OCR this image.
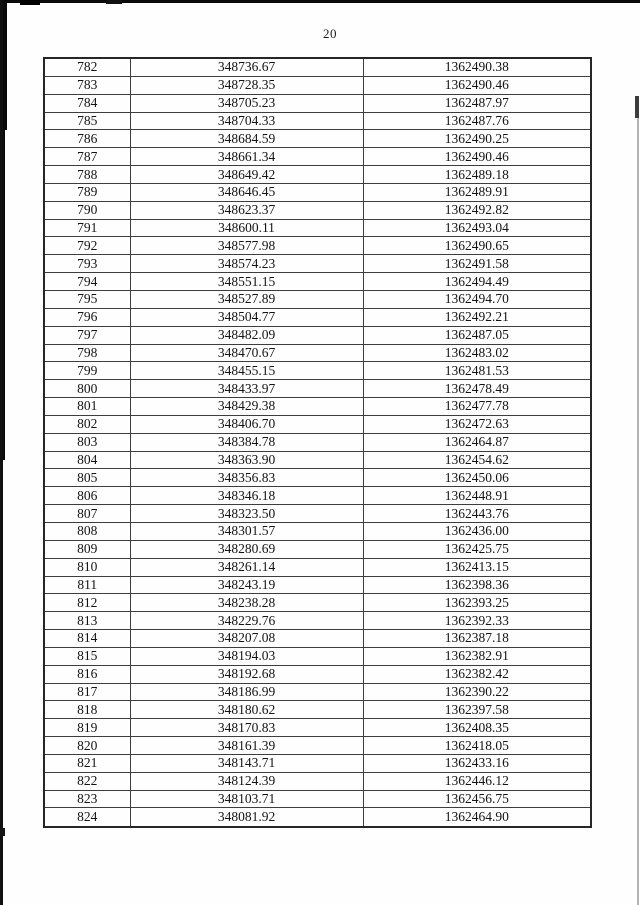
20
782	348736.67	1362490.38
783	348728.35	1362490.46
784	348705.23	1362487.97
785	348704.33	1362487.76
786	348684.59	1362490.25
787	348661.34	1362490.46
788	348649.42	1362489.18
789	348646.45	1362489.91
790	348623.37	1362492.82
791	348600.11	1362493.04
792	348577.98	1362490.65
793	348574.23	1362491.58
794	348551.15	1362494.49
795	348527.89	1362494.70
796	348504.77	1362492.21
797	348482.09	1362487.05
798	348470.67	1362483.02
799	348455.15	1362481.53
800	348433.97	1362478.49
801	348429.38	1362477.78
802	348406.70	1362472.63
803	348384.78	1362464.87
804	348363.90	1362454.62
805	348356.83	1362450.06
806	348346.18	1362448.91
807	348323.50	1362443.76
808	348301.57	1362436.00
809	348280.69	1362425.75
810	348261.14	1362413.15
811	348243.19	1362398.36
812	348238.28	1362393.25
813	348229.76	1362392.33
814	348207.08	1362387.18
815	348194.03	1362382.91
816	348192.68	1362382.42
817	348186.99	1362390.22
818	348180.62	1362397.58
819	348170.83	1362408.35
820	348161.39	1362418.05
821	348143.71	1362433.16
822	348124.39	1362446.12
823	348103.71	1362456.75
824	348081.92	1362464.90
